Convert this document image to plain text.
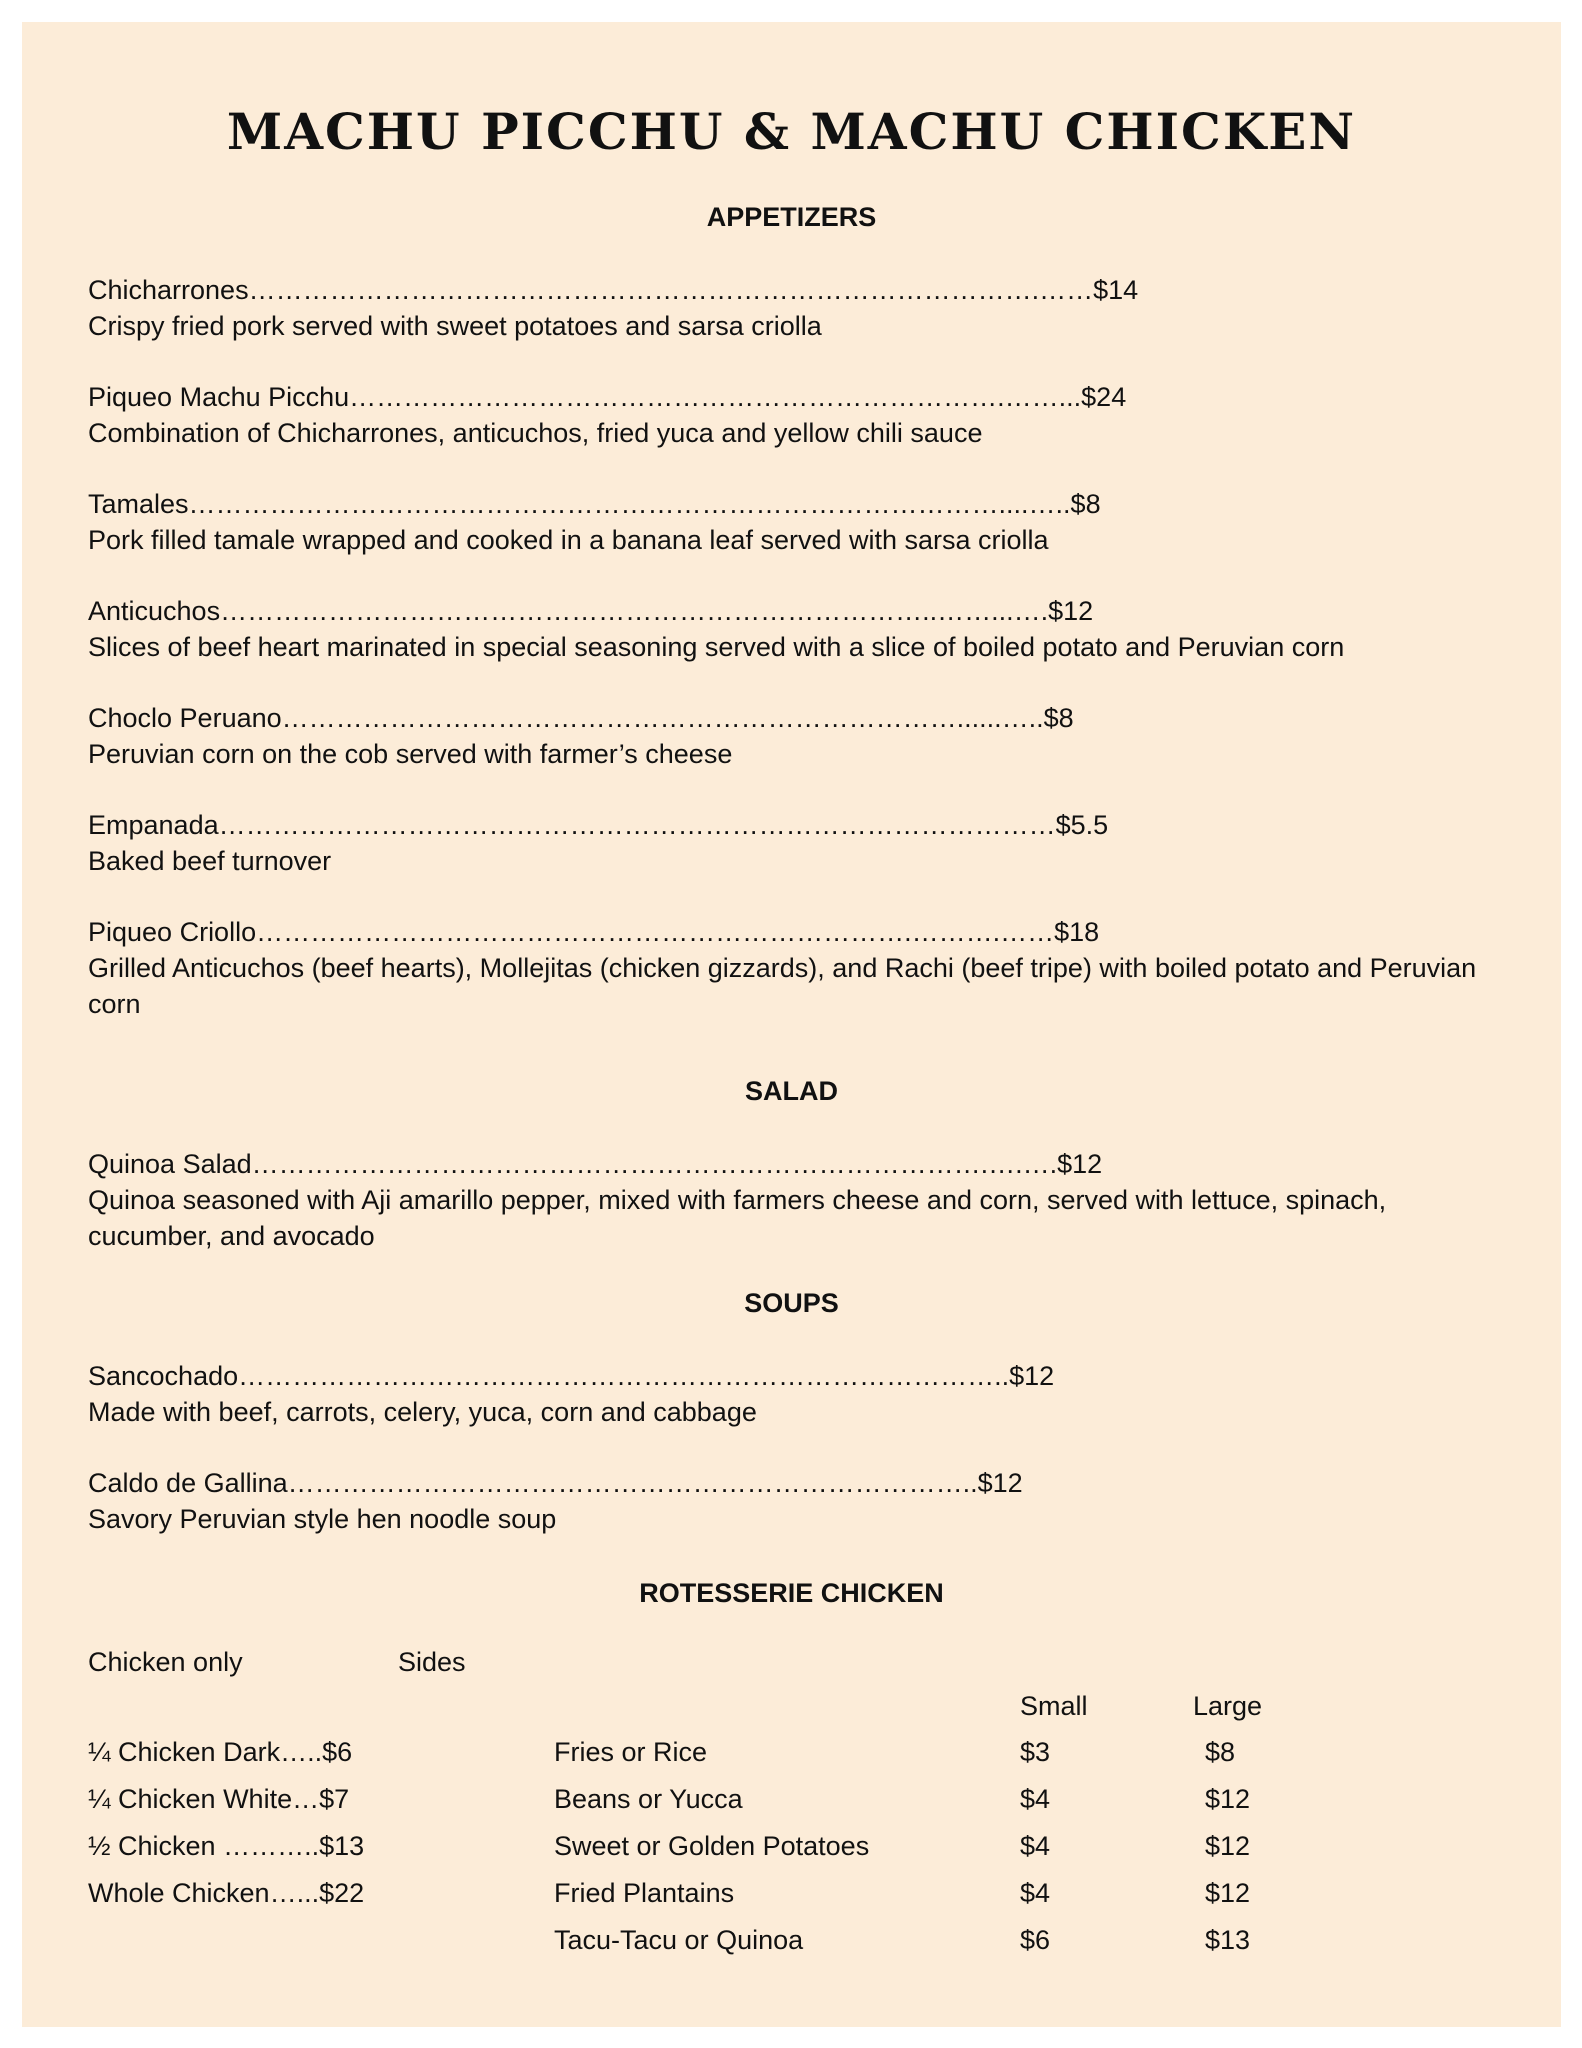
MACHU PICCHU & MACHU CHICKEN
APPETIZERS
Chicharrones…………………………………………………………………………….……$14
Crispy fried pork served with sweet potatoes and sarsa criolla
Piqueo Machu Picchu……………………………………………………………….……...$24
Combination of Chicharrones, anticuchos, fried yuca and yellow chili sauce
Tamales………………………………………………………………………………....…..$8
Pork filled tamale wrapped and cooked in a banana leaf served with sarsa criolla
Anticuchos……………………………………………………………………..……...….$12
Slices of beef heart marinated in special seasoning served with a slice of boiled potato and Peruvian corn
Choclo Peruano…………………………………………………………………......…..$8
Peruvian corn on the cob served with farmer’s cheese
Empanada…………………………………………………………………………………$5.5
Baked beef turnover
Piqueo Criollo……………………………………………………………….……….……$18
Grilled Anticuchos (beef hearts), Mollejitas (chicken gizzards), and Rachi (beef tripe) with boiled potato and Peruvian corn
SALAD
Quinoa Salad……………………………………………………………………….….….$12
Quinoa seasoned with Aji amarillo pepper, mixed with farmers cheese and corn, served with lettuce, spinach, cucumber, and avocado
SOUPS
Sancochado…………………………………………………………………………..$12
Made with beef, carrots, celery, yuca, corn and cabbage
Caldo de Gallina…………………………………………………………………..$12
Savory Peruvian style hen noodle soup
ROTESSERIE CHICKEN
Chicken only	Sides
Small	Large
¼ Chicken Dark…..$6
¼ Chicken White…$7
½ Chicken ………..$13
Whole Chicken…...$22
Fries or Rice	$3	$8
Beans or Yucca	$4	$12
Sweet or Golden Potatoes	$4	$12
Fried Plantains	$4	$12
Tacu-Tacu or Quinoa	$6	$13
